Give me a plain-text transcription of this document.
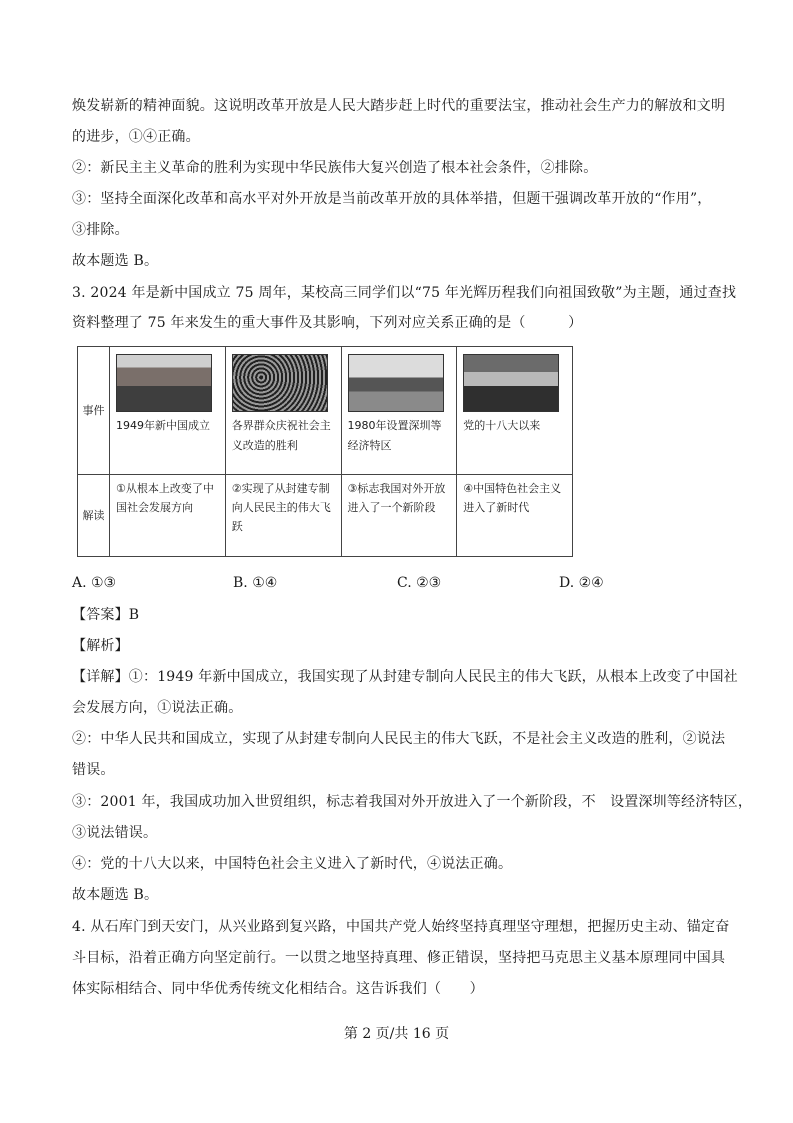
焕发崭新的精神面貌。这说明改革开放是人民大踏步赶上时代的重要法宝，推动社会生产力的解放和文明
的进步，①④正确。
②：新民主主义革命的胜利为实现中华民族伟大复兴创造了根本社会条件，②排除。
③：坚持全面深化改革和高水平对外开放是当前改革开放的具体举措，但题干强调改革开放的“作用”，
③排除。
故本题选 B。
3. 2024 年是新中国成立 75 周年，某校高三同学们以“75 年光辉历程我们向祖国致敬”为主题，通过查找
资料整理了 75 年来发生的重大事件及其影响，下列对应关系正确的是（　　　）
事件	1949年新中国成立	各界群众庆祝社会主义改造的胜利	1980年设置深圳等经济特区	党的十八大以来

解读	①从根本上改变了中国社会发展方向	②实现了从封建专制向人民民主的伟大飞跃	③标志我国对外开放进入了一个新阶段	④中国特色社会主义进入了新时代
A. ①③	B. ①④	C. ②③	D. ②④
【答案】B
【解析】
【详解】①：1949 年新中国成立，我国实现了从封建专制向人民民主的伟大飞跃，从根本上改变了中国社
会发展方向，①说法正确。
②：中华人民共和国成立，实现了从封建专制向人民民主的伟大飞跃，不是社会主义改造的胜利，②说法
错误。
③：2001 年，我国成功加入世贸组织，标志着我国对外开放进入了一个新阶段，不　设置深圳等经济特区，
③说法错误。
④：党的十八大以来，中国特色社会主义进入了新时代，④说法正确。
故本题选 B。
4. 从石库门到天安门，从兴业路到复兴路，中国共产党人始终坚持真理坚守理想，把握历史主动、锚定奋
斗目标，沿着正确方向坚定前行。一以贯之地坚持真理、修正错误，坚持把马克思主义基本原理同中国具
体实际相结合、同中华优秀传统文化相结合。这告诉我们（　　）
第 2 页/共 16 页
